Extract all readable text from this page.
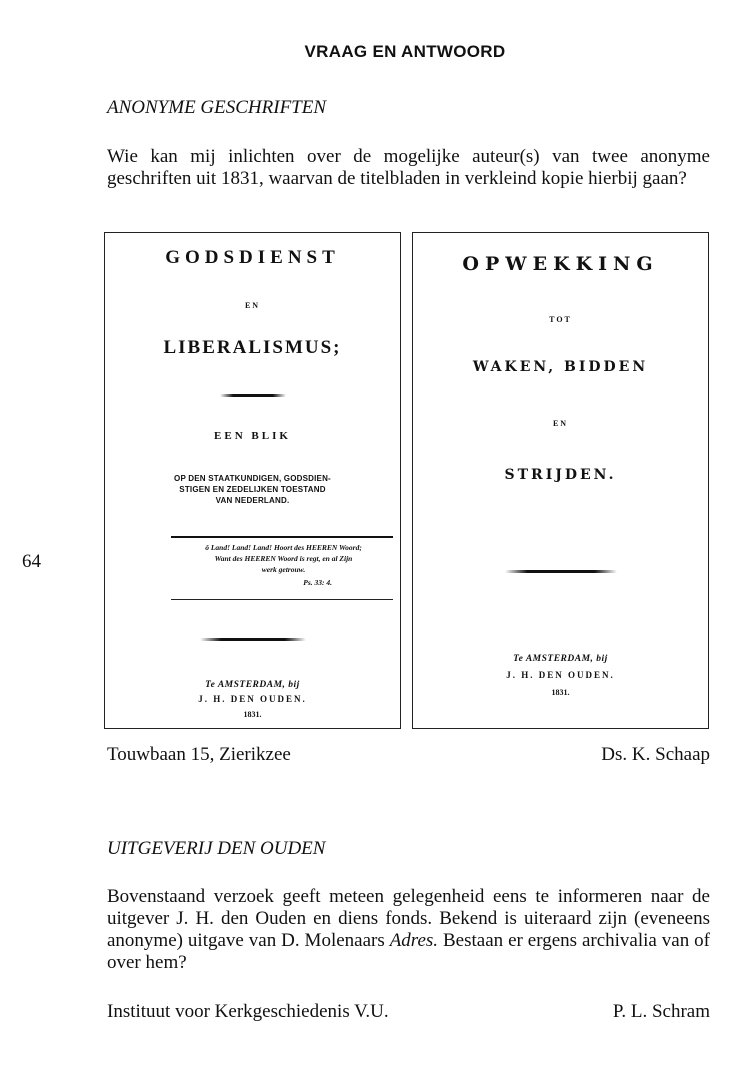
VRAAG EN ANTWOORD
ANONYME GESCHRIFTEN
Wie kan mij inlichten over de mogelijke auteur(s) van twee anonyme geschriften uit 1831, waarvan de titelbladen in verkleind kopie hierbij gaan?
64
GODSDIENST
EN
LIBERALISMUS;
EEN BLIK
OP DEN STAATKUNDIGEN, GODSDIEN-
STIGEN EN ZEDELIJKEN TOESTAND
VAN NEDERLAND.
ô Land! Land! Land! Hoort des HEEREN Woord;
Want des HEEREN Woord is regt, en al Zijn
werk getrouw.
Ps. 33: 4.
Te AMSTERDAM, bij
J. H. DEN OUDEN.
1831.
OPWEKKING
TOT
WAKEN, BIDDEN
EN
STRIJDEN.
Te AMSTERDAM, bij
J. H. DEN OUDEN.
1831.
Touwbaan 15, Zierikzee	Ds. K. Schaap
UITGEVERIJ DEN OUDEN
Bovenstaand verzoek geeft meteen gelegenheid eens te informeren naar de uitgever J. H. den Ouden en diens fonds. Bekend is uiteraard zijn (eveneens anonyme) uitgave van D. Molenaars Adres. Bestaan er ergens archivalia van of over hem?
Instituut voor Kerkgeschiedenis V.U.	P. L. Schram
